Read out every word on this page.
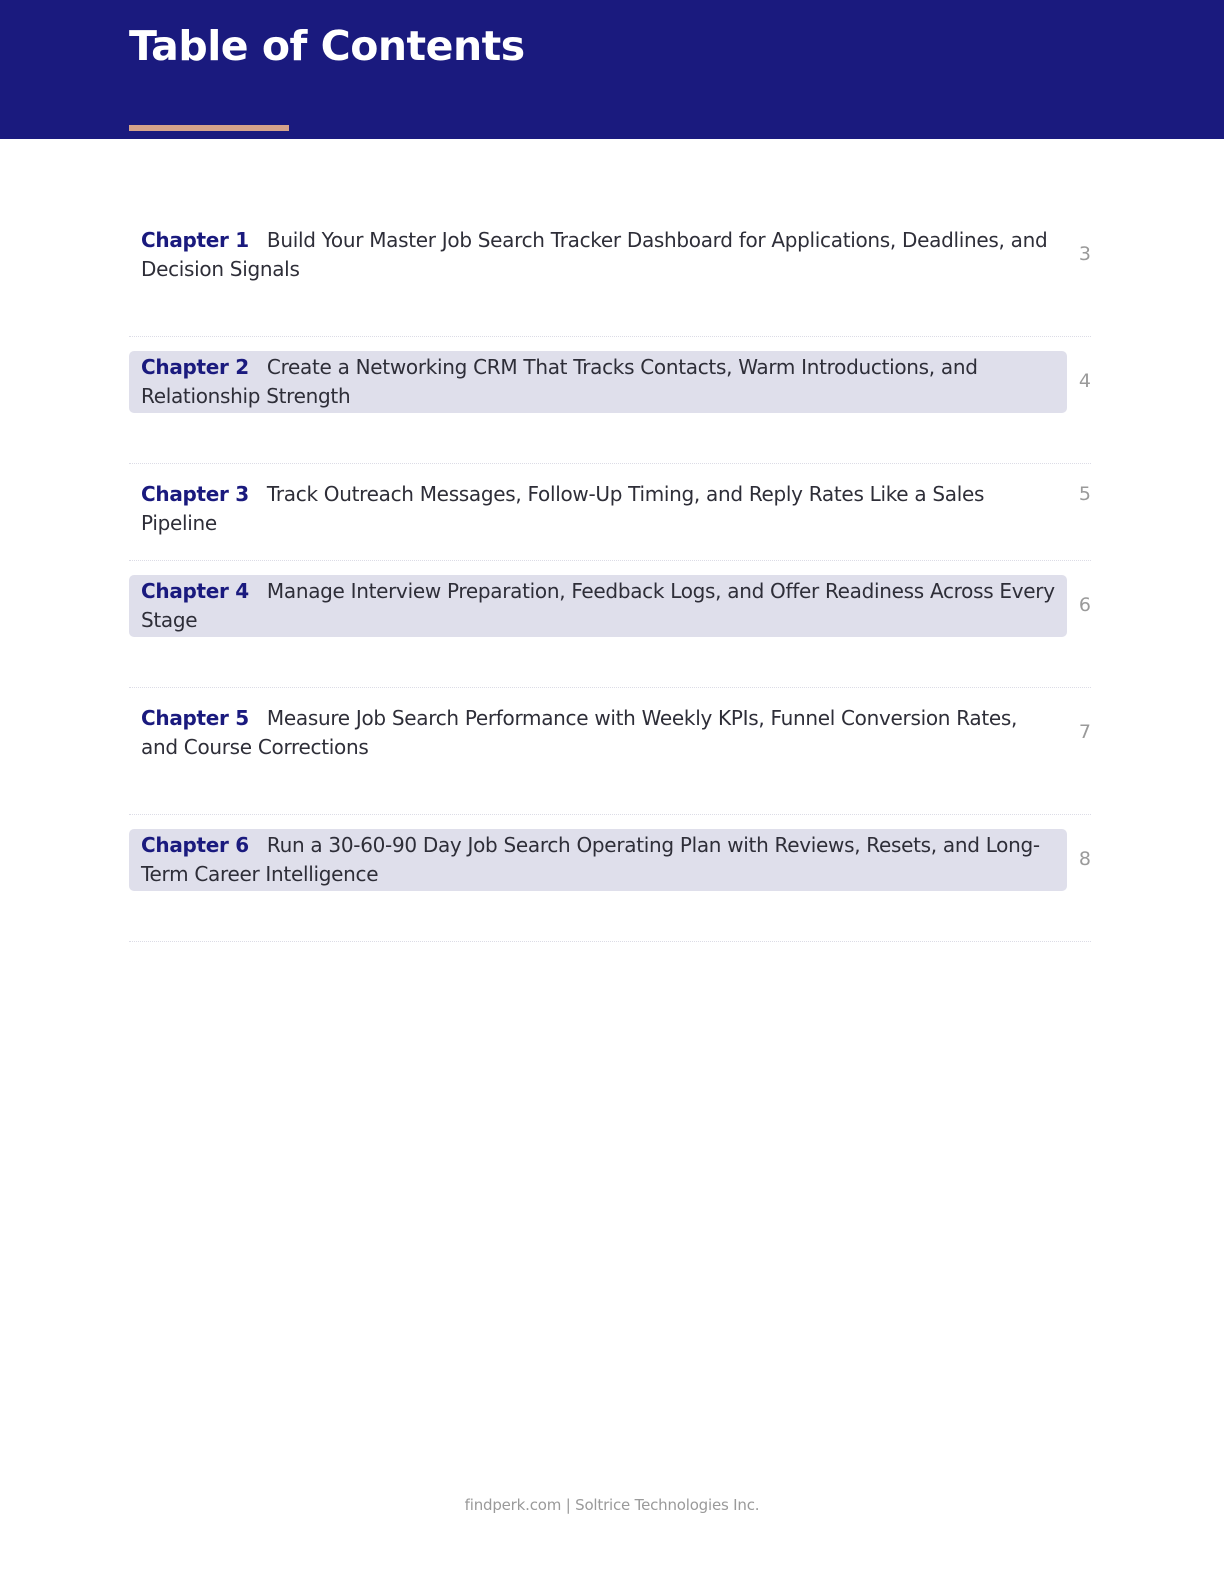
Table of Contents
Chapter 1 Build Your Master Job Search Tracker Dashboard for Applications, Deadlines, and Decision Signals
3
Chapter 2 Create a Networking CRM That Tracks Contacts, Warm Introductions, and Relationship Strength
4
Chapter 3 Track Outreach Messages, Follow-Up Timing, and Reply Rates Like a Sales Pipeline
5
Chapter 4 Manage Interview Preparation, Feedback Logs, and Offer Readiness Across Every Stage
6
Chapter 5 Measure Job Search Performance with Weekly KPIs, Funnel Conversion Rates, and Course Corrections
7
Chapter 6 Run a 30-60-90 Day Job Search Operating Plan with Reviews, Resets, and Long-Term Career Intelligence
8
findperk.com | Soltrice Technologies Inc.
